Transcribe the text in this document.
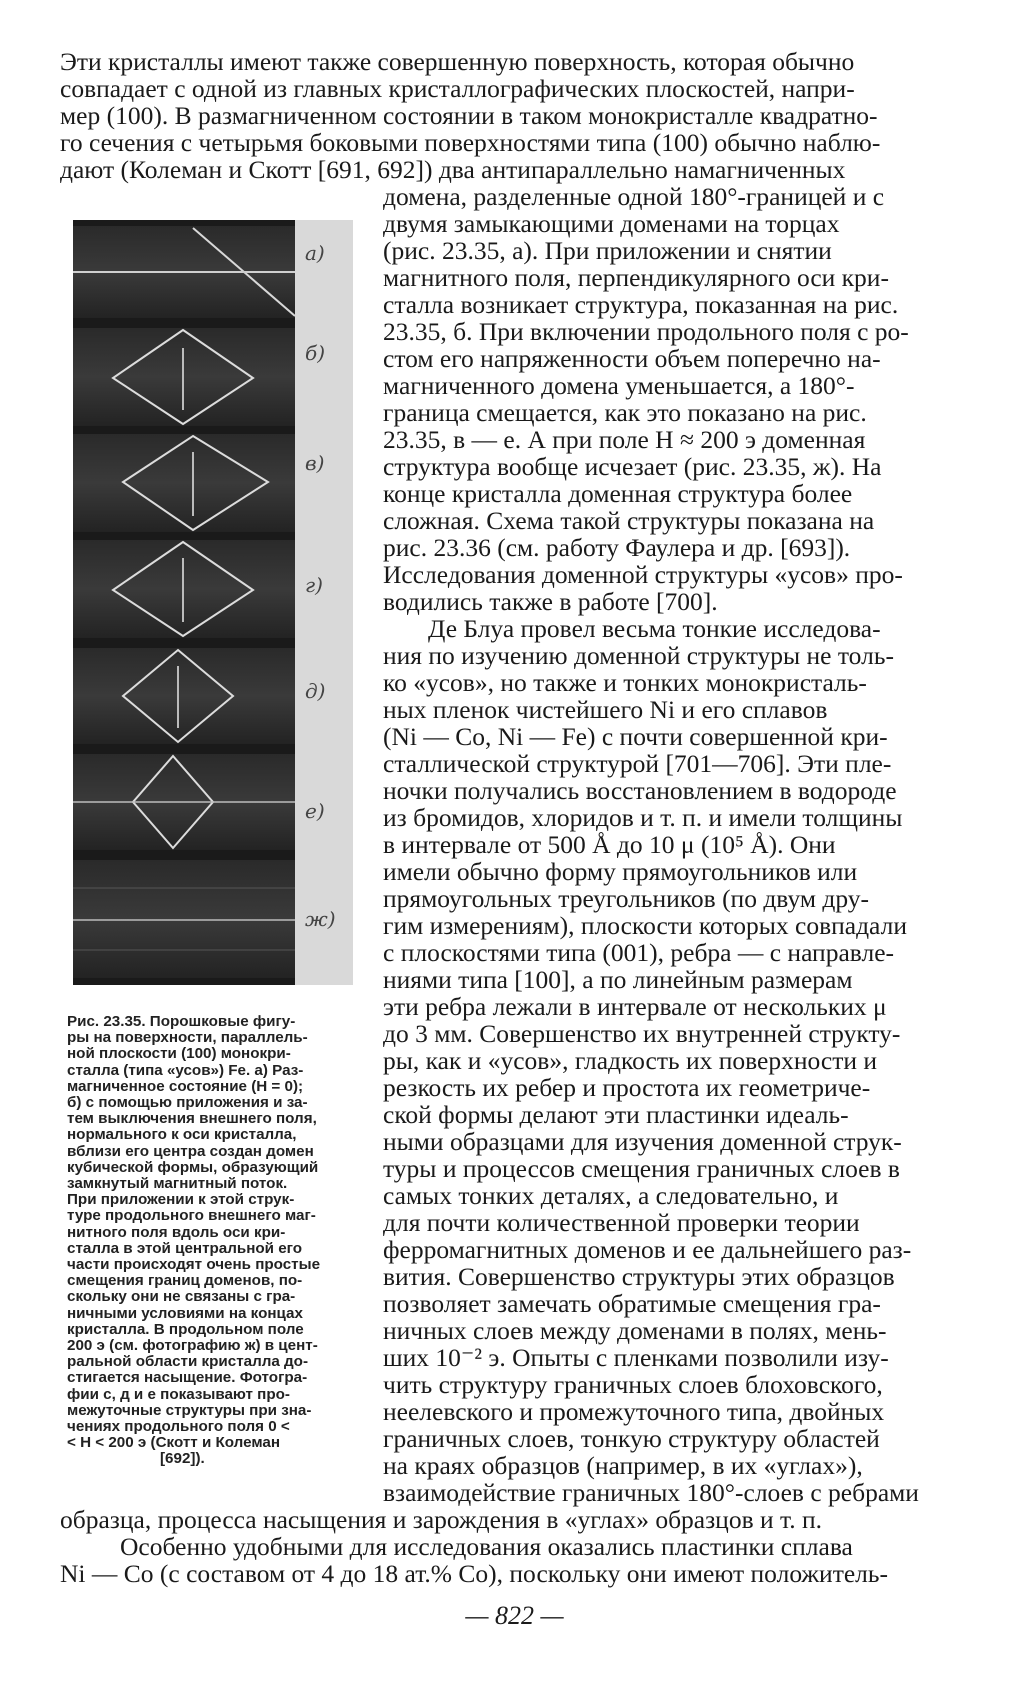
Эти кристаллы имеют также совершенную поверхность, которая обычно
совпадает с одной из главных кристаллографических плоскостей, напри-
мер (100). В размагниченном состоянии в таком монокристалле квадратно-
го сечения с четырьмя боковыми поверхностями типа (100) обычно наблю-
дают (Колеман и Скотт [691, 692]) два антипараллельно намагниченных
а)
б)
в)
г)
д)
е)
ж)
Рис. 23.35. Порошковые фигу-
ры на поверхности, параллель-
ной плоскости (100) монокри-
сталла (типа «усов») Fe. а) Раз-
магниченное состояние (H = 0);
б) с помощью приложения и за-
тем выключения внешнего поля,
нормального к оси кристалла,
вблизи его центра создан домен
кубической формы, образующий
замкнутый магнитный поток.
При приложении к этой струк-
туре продольного внешнего маг-
нитного поля вдоль оси кри-
сталла в этой центральной его
части происходят очень простые
смещения границ доменов, по-
скольку они не связаны с гра-
ничными условиями на концах
кристалла. В продольном поле
200 э (см. фотографию ж) в цент-
ральной области кристалла до-
стигается насыщение. Фотогра-
фии с, д и е показывают про-
межуточные структуры при зна-
чениях продольного поля 0 <
< H < 200 э (Скотт и Колеман
[692]).
домена, разделенные одной 180°-границей и с
двумя замыкающими доменами на торцах
(рис. 23.35, а). При приложении и снятии
магнитного поля, перпендикулярного оси кри-
сталла возникает структура, показанная на рис.
23.35, б. При включении продольного поля с ро-
стом его напряженности объем поперечно на-
магниченного домена уменьшается, а 180°-
граница смещается, как это показано на рис.
23.35, в — е. А при поле H ≈ 200 э доменная
структура вообще исчезает (рис. 23.35, ж). На
конце кристалла доменная структура более
сложная. Схема такой структуры показана на
рис. 23.36 (см. работу Фаулера и др. [693]).
Исследования доменной структуры «усов» про-
водились также в работе [700].
Де Блуа провел весьма тонкие исследова-
ния по изучению доменной структуры не толь-
ко «усов», но также и тонких монокристаль-
ных пленок чистейшего Ni и его сплавов
(Ni — Co, Ni — Fe) с почти совершенной кри-
сталлической структурой [701—706]. Эти пле-
ночки получались восстановлением в водороде
из бромидов, хлоридов и т. п. и имели толщины
в интервале от 500 Å до 10 μ (10⁵ Å). Они
имели обычно форму прямоугольников или
прямоугольных треугольников (по двум дру-
гим измерениям), плоскости которых совпадали
с плоскостями типа (001), ребра — с направле-
ниями типа [100], а по линейным размерам
эти ребра лежали в интервале от нескольких μ
до 3 мм. Совершенство их внутренней структу-
ры, как и «усов», гладкость их поверхности и
резкость их ребер и простота их геометриче-
ской формы делают эти пластинки идеаль-
ными образцами для изучения доменной струк-
туры и процессов смещения граничных слоев в
самых тонких деталях, а следовательно, и
для почти количественной проверки теории
ферромагнитных доменов и ее дальнейшего раз-
вития. Совершенство структуры этих образцов
позволяет замечать обратимые смещения гра-
ничных слоев между доменами в полях, мень-
ших 10⁻² э. Опыты с пленками позволили изу-
чить структуру граничных слоев блоховского,
неелевского и промежуточного типа, двойных
граничных слоев, тонкую структуру областей
на краях образцов (например, в их «углах»),
взаимодействие граничных 180°-слоев с ребрами
образца, процесса насыщения и зарождения в «углах» образцов и т. п.
Особенно удобными для исследования оказались пластинки сплава
Ni — Co (с составом от 4 до 18 ат.% Co), поскольку они имеют положитель-
— 822 —
